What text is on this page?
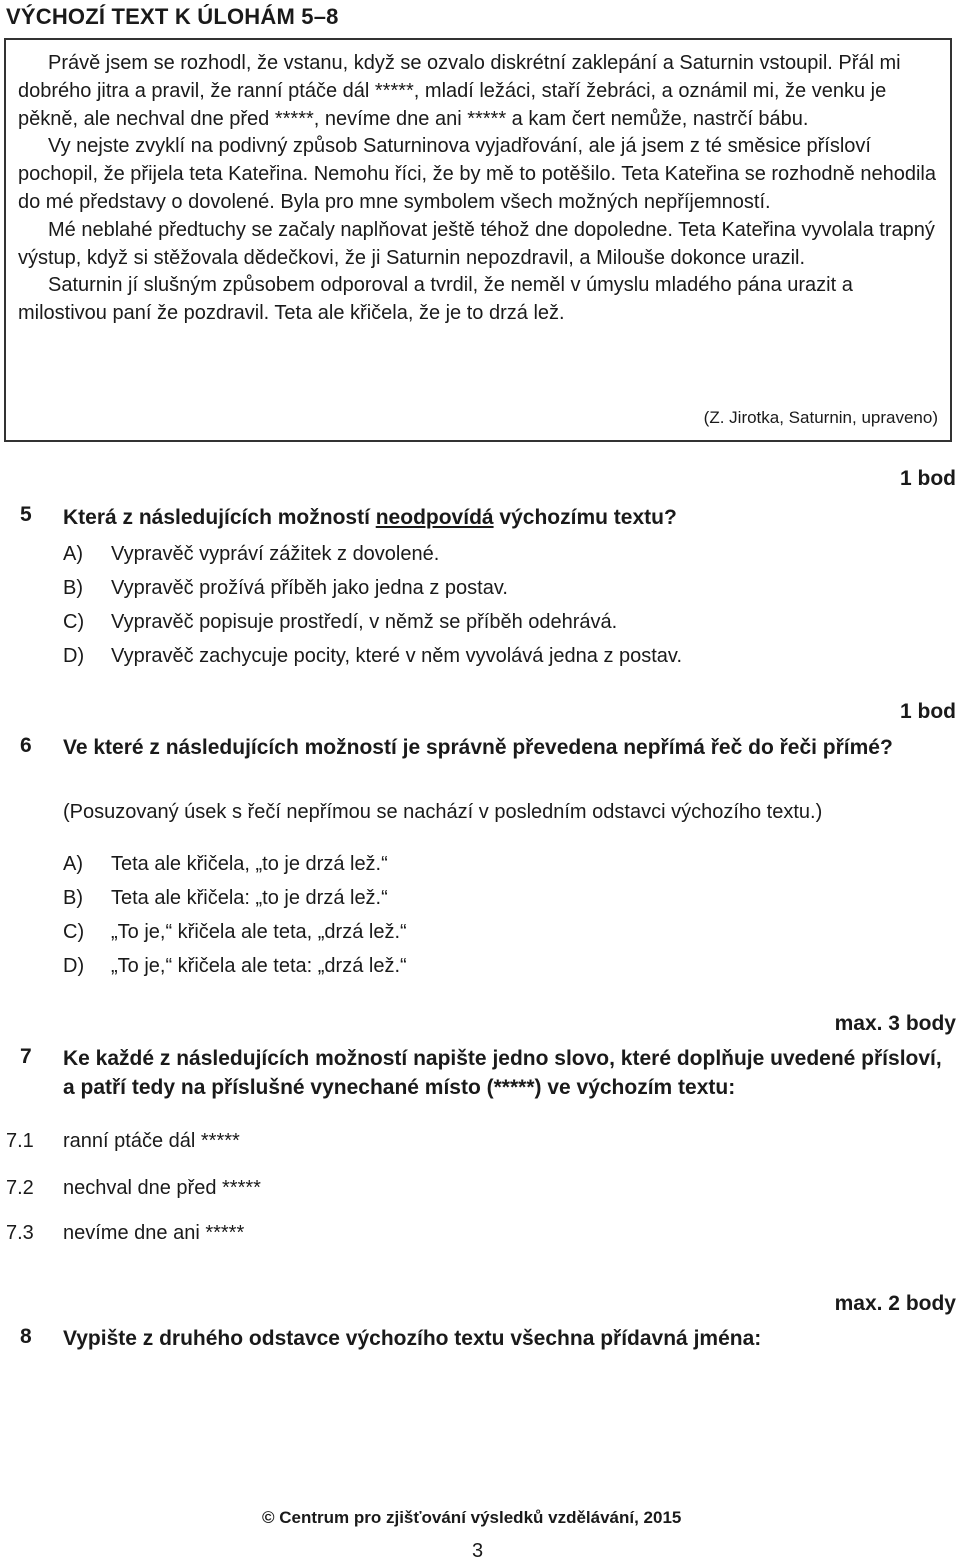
VÝCHOZÍ TEXT K ÚLOHÁM 5–8

Právě jsem se rozhodl, že vstanu, když se ozvalo diskrétní zaklepání a Saturnin vstoupil. Přál mi dobrého jitra a pravil, že ranní ptáče dál *****, mladí ležáci, staří žebráci, a oznámil mi, že venku je pěkně, ale nechval dne před *****, nevíme dne ani ***** a kam čert nemůže, nastrčí bábu.

Vy nejste zvyklí na podivný způsob Saturninova vyjadřování, ale já jsem z té směsice přísloví pochopil, že přijela teta Kateřina. Nemohu říci, že by mě to potěšilo. Teta Kateřina se rozhodně nehodila do mé představy o dovolené. Byla pro mne symbolem všech možných nepříjemností.

Mé neblahé předtuchy se začaly naplňovat ještě téhož dne dopoledne. Teta Kateřina vyvolala trapný výstup, když si stěžovala dědečkovi, že ji Saturnin nepozdravil, a Milouše dokonce urazil.

Saturnin jí slušným způsobem odporoval a tvrdil, že neměl v úmyslu mladého pána urazit a milostivou paní že pozdravil. Teta ale křičela, že je to drzá lež.

(Z. Jirotka, Saturnin, upraveno)
1 bod
5 Která z následujících možností neodpovídá výchozímu textu?
A) Vypravěč vypráví zážitek z dovolené.
B) Vypravěč prožívá příběh jako jedna z postav.
C) Vypravěč popisuje prostředí, v němž se příběh odehrává.
D) Vypravěč zachycuje pocity, které v něm vyvolává jedna z postav.
1 bod
6 Ve které z následujících možností je správně převedena nepřímá řeč do řeči přímé?
(Posuzovaný úsek s řečí nepřímou se nachází v posledním odstavci výchozího textu.)
A) Teta ale křičela, „to je drzá lež.“
B) Teta ale křičela: „to je drzá lež.“
C) „To je,“ křičela ale teta, „drzá lež.“
D) „To je,“ křičela ale teta: „drzá lež.“
max. 3 body
7 Ke každé z následujících možností napište jedno slovo, které doplňuje uvedené přísloví, a patří tedy na příslušné vynechané místo (*****) ve výchozím textu:
7.1 ranní ptáče dál *****
7.2 nechval dne před *****
7.3 nevíme dne ani *****
max. 2 body
8 Vypište z druhého odstavce výchozího textu všechna přídavná jména:
© Centrum pro zjišťování výsledků vzdělávání, 2015
3
